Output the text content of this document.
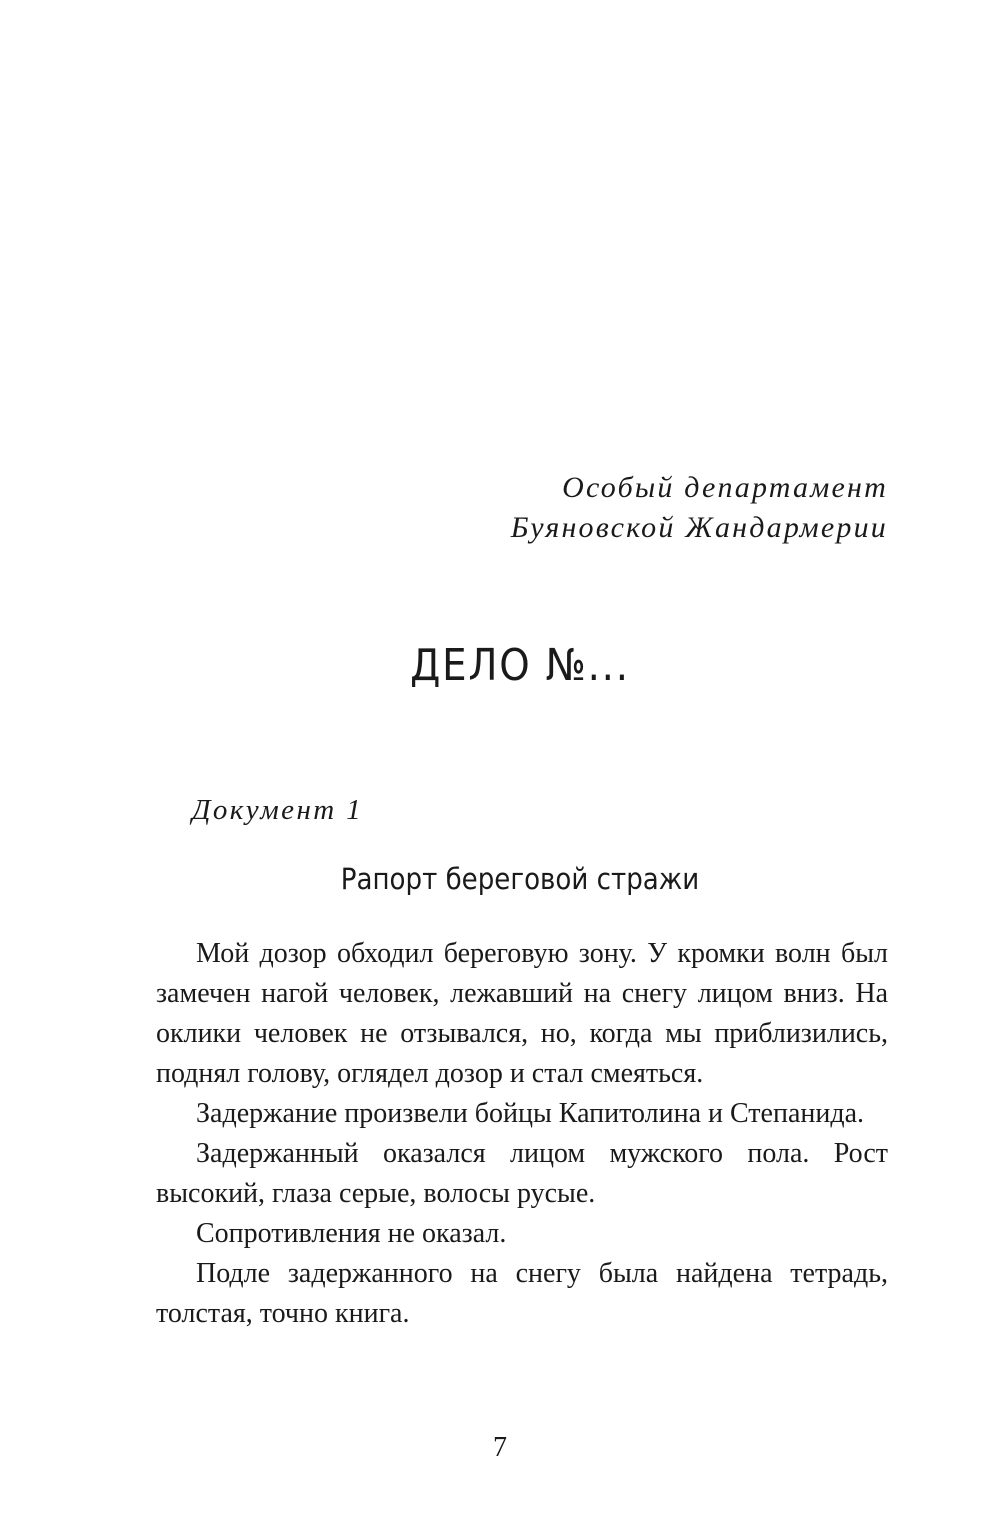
Особый департамент
Буяновской Жандармерии
ДЕЛО №...
Документ 1
Рапорт береговой стражи

Мой дозор обходил береговую зону. У кромки волн был замечен нагой человек, лежавший на снегу лицом вниз. На оклики человек не отзывался, но, когда мы приблизились, поднял голову, оглядел дозор и стал смеяться.

Задержание произвели бойцы Капитолина и Степанида.

Задержанный оказался лицом мужского пола. Рост высокий, глаза серые, волосы русые.

Сопротивления не оказал.

Подле задержанного на снегу была найдена тетрадь, толстая, точно книга.

7
